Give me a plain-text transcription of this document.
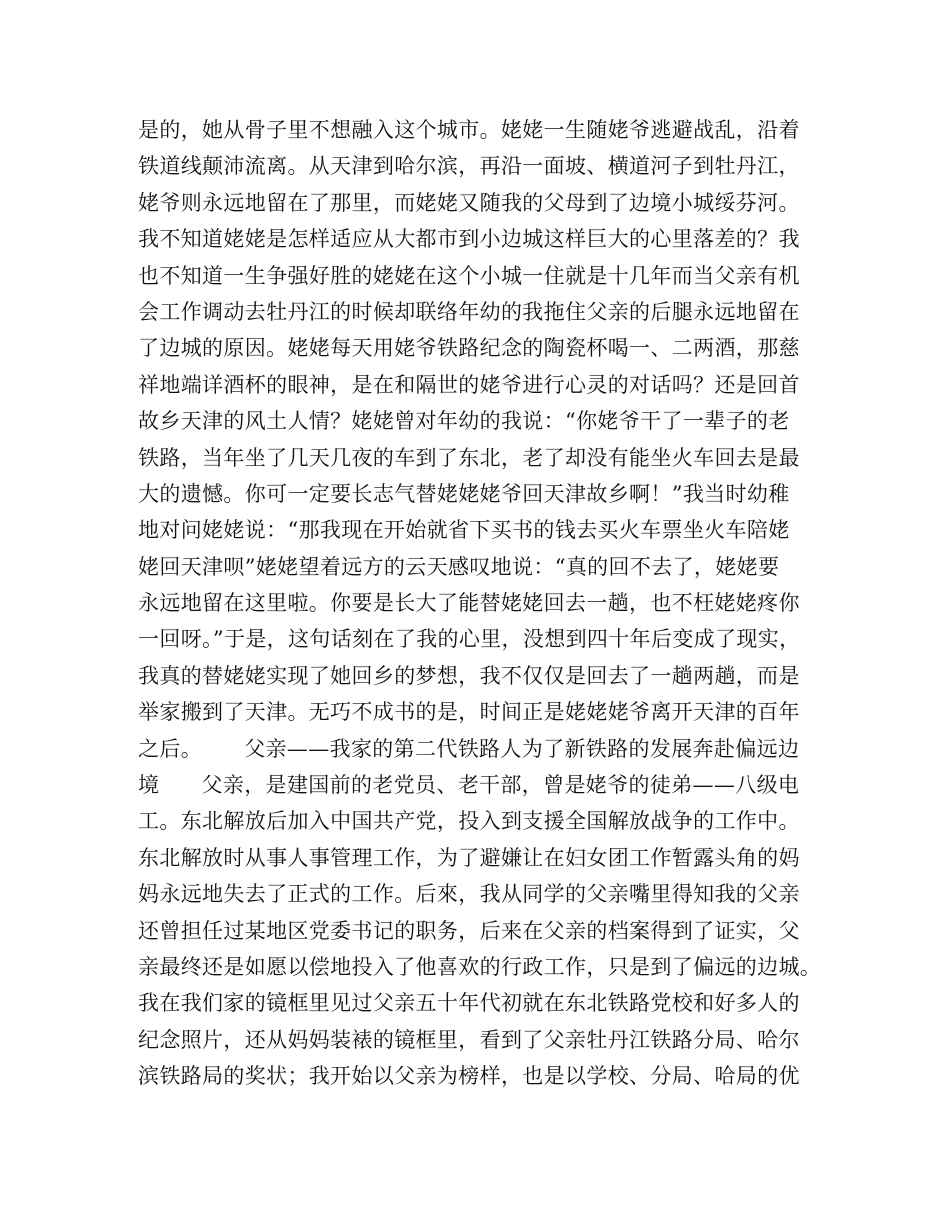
是的，她从骨子里不想融入这个城市。姥姥一生随姥爷逃避战乱，沿着
铁道线颠沛流离。从天津到哈尔滨，再沿一面坡、横道河子到牡丹江，
姥爷则永远地留在了那里，而姥姥又随我的父母到了边境小城绥芬河。
我不知道姥姥是怎样适应从大都市到小边城这样巨大的心里落差的？我
也不知道一生争强好胜的姥姥在这个小城一住就是十几年而当父亲有机
会工作调动去牡丹江的时候却联络年幼的我拖住父亲的后腿永远地留在
了边城的原因。姥姥每天用姥爷铁路纪念的陶瓷杯喝一、二两酒，那慈
祥地端详酒杯的眼神，是在和隔世的姥爷进行心灵的对话吗？还是回首
故乡天津的风土人情？姥姥曾对年幼的我说：“你姥爷干了一辈子的老
铁路，当年坐了几天几夜的车到了东北，老了却没有能坐火车回去是最
大的遗憾。你可一定要长志气替姥姥姥爷回天津故乡啊！”我当时幼稚
地对问姥姥说：“那我现在开始就省下买书的钱去买火车票坐火车陪姥
姥回天津呗”姥姥望着远方的云天感叹地说：“真的回不去了，姥姥要
永远地留在这里啦。你要是长大了能替姥姥回去一趟，也不枉姥姥疼你
一回呀。”于是，这句话刻在了我的心里，没想到四十年后变成了现实，
我真的替姥姥实现了她回乡的梦想，我不仅仅是回去了一趟两趟，而是
举家搬到了天津。无巧不成书的是，时间正是姥姥姥爷离开天津的百年
之后。      父亲——我家的第二代铁路人为了新铁路的发展奔赴偏远边
境      父亲，是建国前的老党员、老干部，曾是姥爷的徒弟——八级电
工。东北解放后加入中国共产党，投入到支援全国解放战争的工作中。
东北解放时从事人事管理工作，为了避嫌让在妇女团工作暂露头角的妈
妈永远地失去了正式的工作。后來，我从同学的父亲嘴里得知我的父亲
还曾担任过某地区党委书记的职务，后来在父亲的档案得到了证实，父
亲最终还是如愿以偿地投入了他喜欢的行政工作，只是到了偏远的边城。
我在我们家的镜框里见过父亲五十年代初就在东北铁路党校和好多人的
纪念照片，还从妈妈装裱的镜框里，看到了父亲牡丹江铁路分局、哈尔
滨铁路局的奖状；我开始以父亲为榜样，也是以学校、分局、哈局的优
